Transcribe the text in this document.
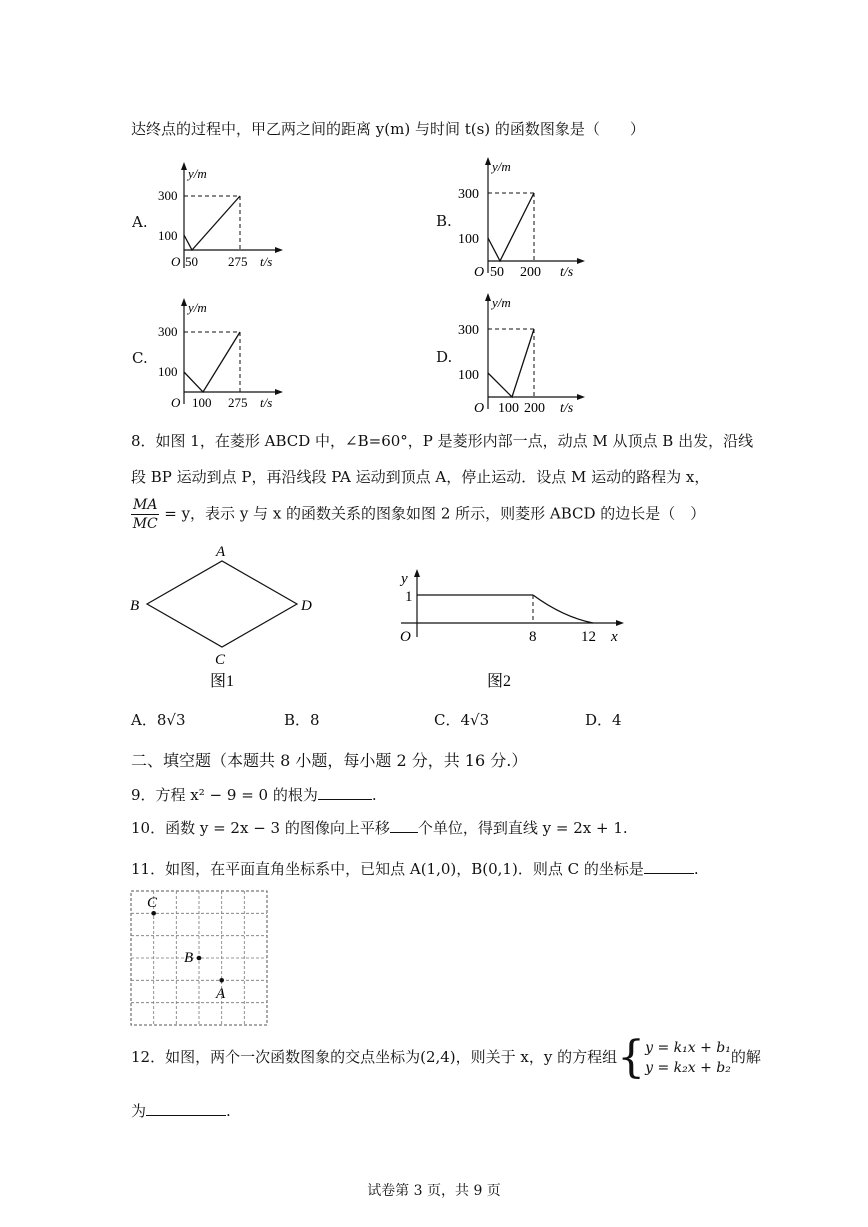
达终点的过程中，甲乙两之间的距离 y(m) 与时间 t(s) 的函数图象是（　　）
A.
y/m
300
100
O 50 275 t/s
B.
y/m
300
100
O 50 200 t/s
C.
y/m
300
100
O 100 275 t/s
D.
y/m
300
100
O 100 200 t/s
8．如图 1，在菱形 ABCD 中，∠B=60°，P 是菱形内部一点，动点 M 从顶点 B 出发，沿线
段 BP 运动到点 P，再沿线段 PA 运动到顶点 A，停止运动．设点 M 运动的路程为 x，
$\frac{MA}{MC} = y$，表示 y 与 x 的函数关系的图象如图 2 所示，则菱形 ABCD 的边长是（　）
A
B	D
C
图1
y
1
O	8	12 x
图2
A．8√3	B．8	C．4√3	D．4
二、填空题（本题共 8 小题，每小题 2 分，共 16 分.）
9．方程 x² − 9 = 0 的根为	.
10．函数 y = 2x − 3 的图像向上平移 个单位，得到直线 y = 2x + 1.
11．如图，在平面直角坐标系中，已知点 A(1,0)，B(0,1)．则点 C 的坐标是	.
C
B
A
12．如图，两个一次函数图象的交点坐标为(2,4)，则关于 x，y 的方程组{ y = k₁x + b₁
y = k₂x + b₂
的解
为	.
试卷第 3 页，共 9 页
